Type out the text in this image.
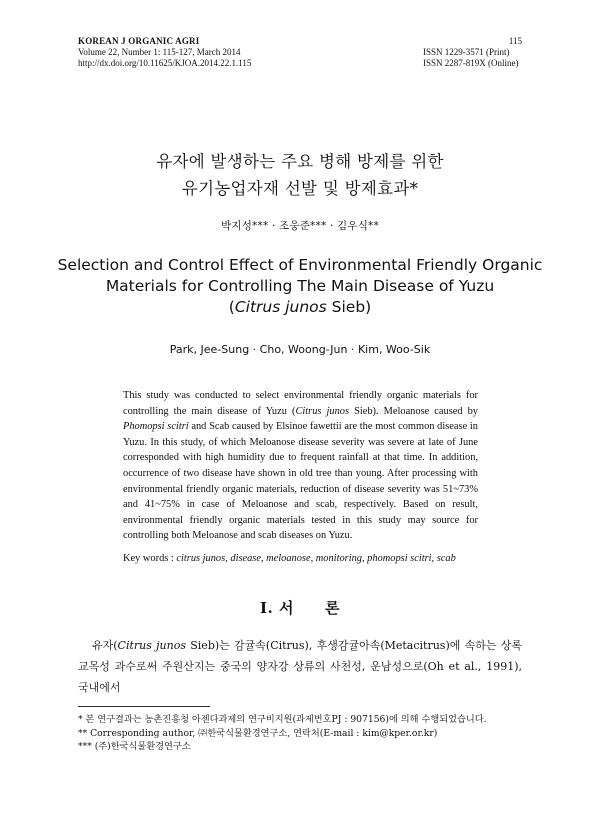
KOREAN J ORGANIC AGRI
Volume 22, Number 1: 115-127, March 2014
http://dx.doi.org/10.11625/KJOA.2014.22.1.115
115
ISSN 1229-3571 (Print)
ISSN 2287-819X (Online)
유자에 발생하는 주요 병해 방제를 위한
유기농업자재 선발 및 방제효과*
박지성*** · 조웅준*** · 김우식**
Selection and Control Effect of Environmental Friendly Organic
Materials for Controlling The Main Disease of Yuzu
(Citrus junos Sieb)
Park, Jee-Sung · Cho, Woong-Jun · Kim, Woo-Sik
This study was conducted to select environmental friendly organic materials for controlling the main disease of Yuzu (Citrus junos Sieb). Meloanose caused by Phomopsi scitri and Scab caused by Elsinoe fawettii are the most common disease in Yuzu. In this study, of which Meloanose disease severity was severe at late of June corresponded with high humidity due to frequent rainfall at that time. In addition, occurrence of two disease have shown in old tree than young. After processing with environmental friendly organic materials, reduction of disease severity was 51~73% and 41~75% in case of Meloanose and scab, respectively. Based on result, environmental friendly organic materials tested in this study may source for controlling both Meloanose and scab diseases on Yuzu.
Key words : citrus junos, disease, meloanose, monitoring, phomopsi scitri, scab
Ⅰ. 서　　론
유자(Citrus junos Sieb)는 감귤속(Citrus), 후생감귤아속(Metacitrus)에 속하는 상록 교목성 과수로써 주원산지는 중국의 양자강 상류의 사천성, 운남성으로(Oh et al., 1991), 국내에서
* 본 연구결과는 농촌진흥청 아젠다과제의 연구비지원(과제번호PJ : 907156)에 의해 수행되었습니다.
** Corresponding author, ㈜한국식물환경연구소, 연락처(E-mail : kim@kper.or.kr)
*** (주)한국식물환경연구소
